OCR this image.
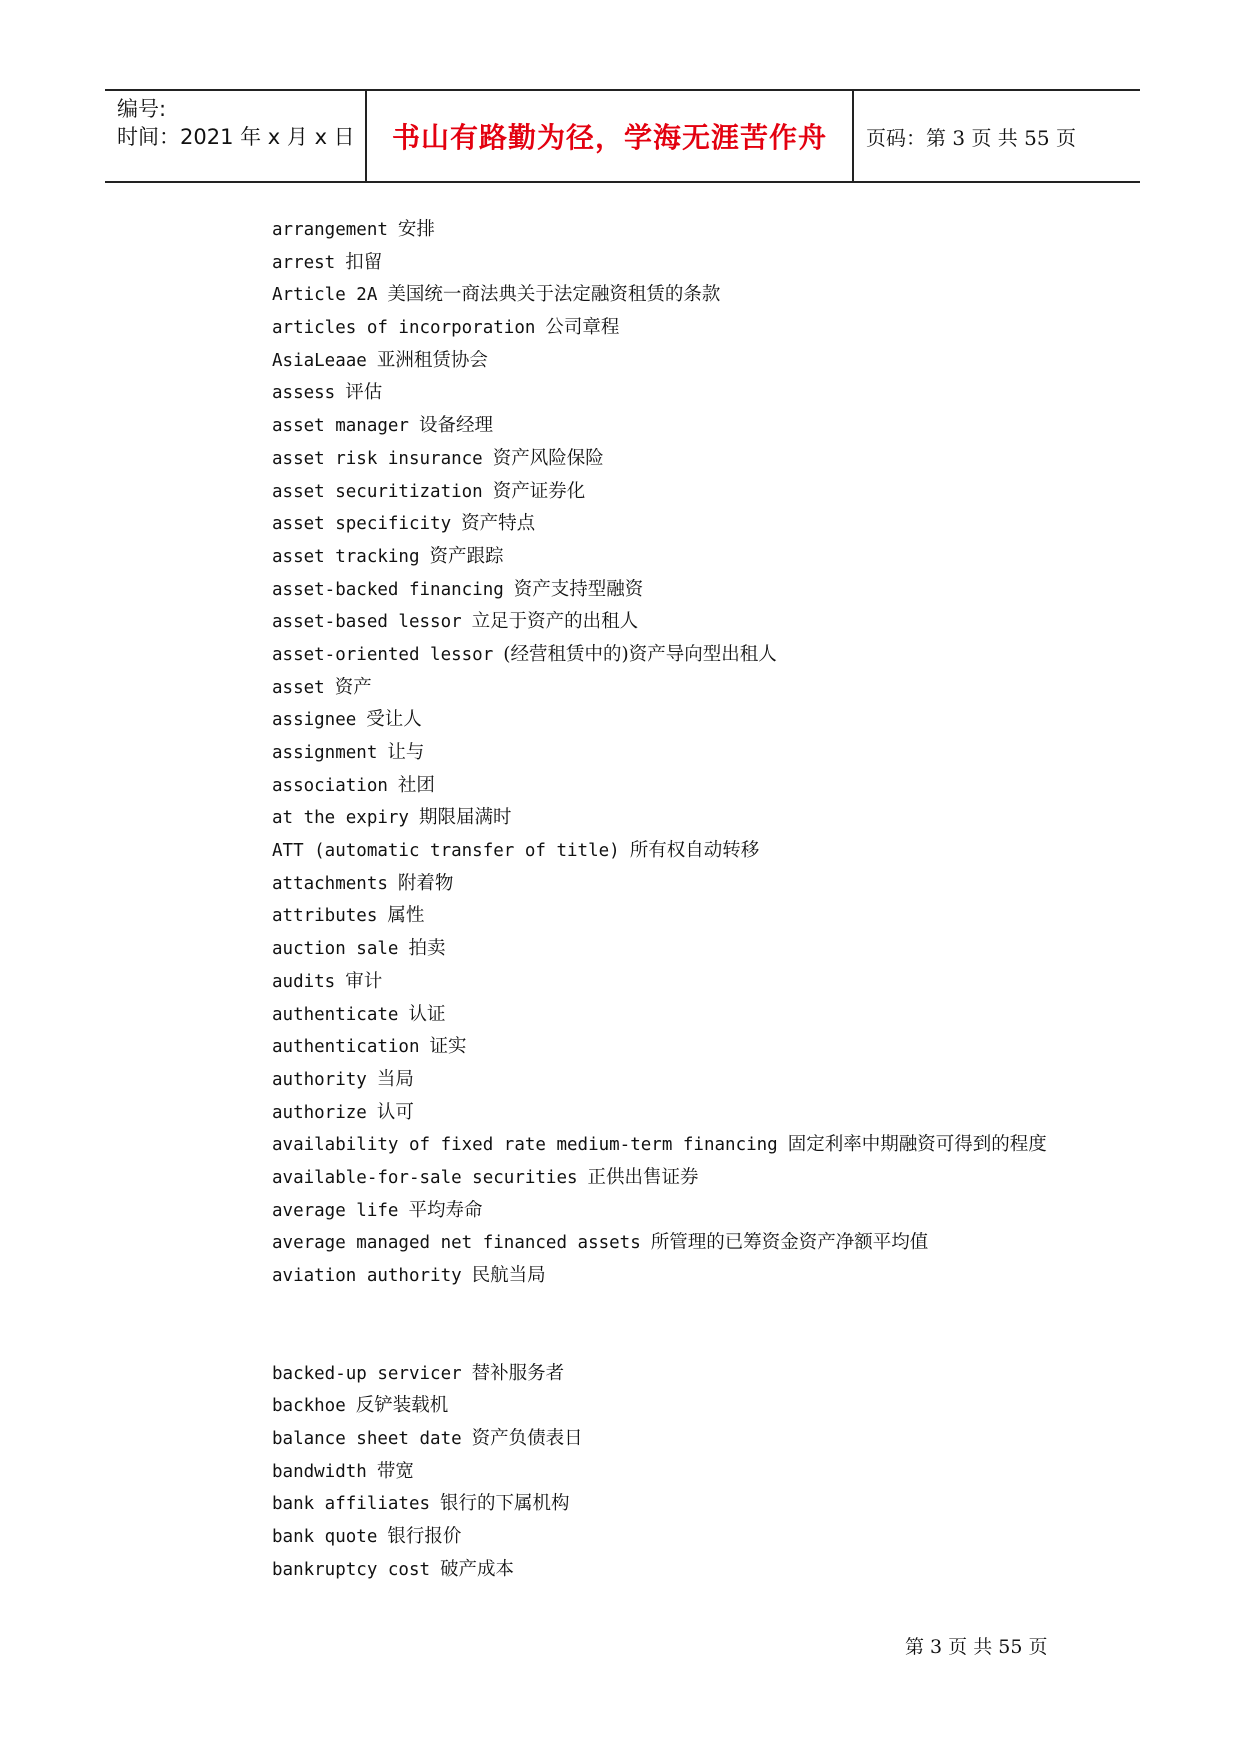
编号:
时间：2021 年 x 月 x 日 书山有路勤为径，学海无涯苦作舟 页码：第 3 页 共 55 页
arrangement 安排
arrest 扣留
Article 2A 美国统一商法典关于法定融资租赁的条款
articles of incorporation 公司章程
AsiaLeaae 亚洲租赁协会
assess 评估
asset manager 设备经理
asset risk insurance 资产风险保险
asset securitization 资产证券化
asset specificity 资产特点
asset tracking 资产跟踪
asset-backed financing 资产支持型融资
asset-based lessor 立足于资产的出租人
asset-oriented lessor (经营租赁中的)资产导向型出租人
asset 资产
assignee 受让人
assignment 让与
association 社团
at the expiry 期限届满时
ATT (automatic transfer of title) 所有权自动转移
attachments 附着物
attributes 属性
auction sale 拍卖
audits 审计
authenticate 认证
authentication 证实
authority 当局
authorize 认可
availability of fixed rate medium-term financing 固定利率中期融资可得到的程度
available-for-sale securities 正供出售证券
average life 平均寿命
average managed net financed assets 所管理的已筹资金资产净额平均值
aviation authority 民航当局
backed-up servicer 替补服务者
backhoe 反铲装载机
balance sheet date 资产负债表日
bandwidth 带宽
bank affiliates 银行的下属机构
bank quote 银行报价
bankruptcy cost 破产成本
第 3 页 共 55 页
